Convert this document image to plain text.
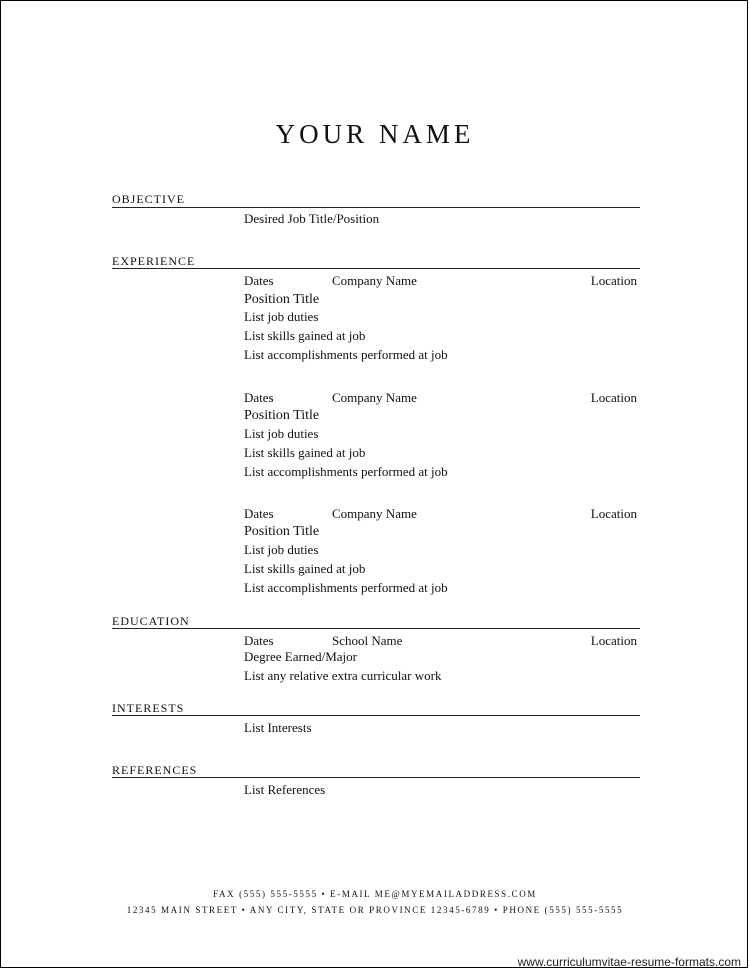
YOUR NAME
OBJECTIVE
Desired Job Title/Position
EXPERIENCE
Dates	Company Name	Location
Position Title
List job duties
List skills gained at job
List accomplishments performed at job
Dates	Company Name	Location
Position Title
List job duties
List skills gained at job
List accomplishments performed at job
Dates	Company Name	Location
Position Title
List job duties
List skills gained at job
List accomplishments performed at job
EDUCATION
Dates	School Name	Location
Degree Earned/Major
List any relative extra curricular work
INTERESTS
List Interests
REFERENCES
List References
FAX (555) 555-5555 • E-MAIL ME@MYEMAILADDRESS.COM
12345 MAIN STREET • ANY CITY, STATE OR PROVINCE 12345-6789 • PHONE (555) 555-5555
www.curriculumvitae-resume-formats.com
